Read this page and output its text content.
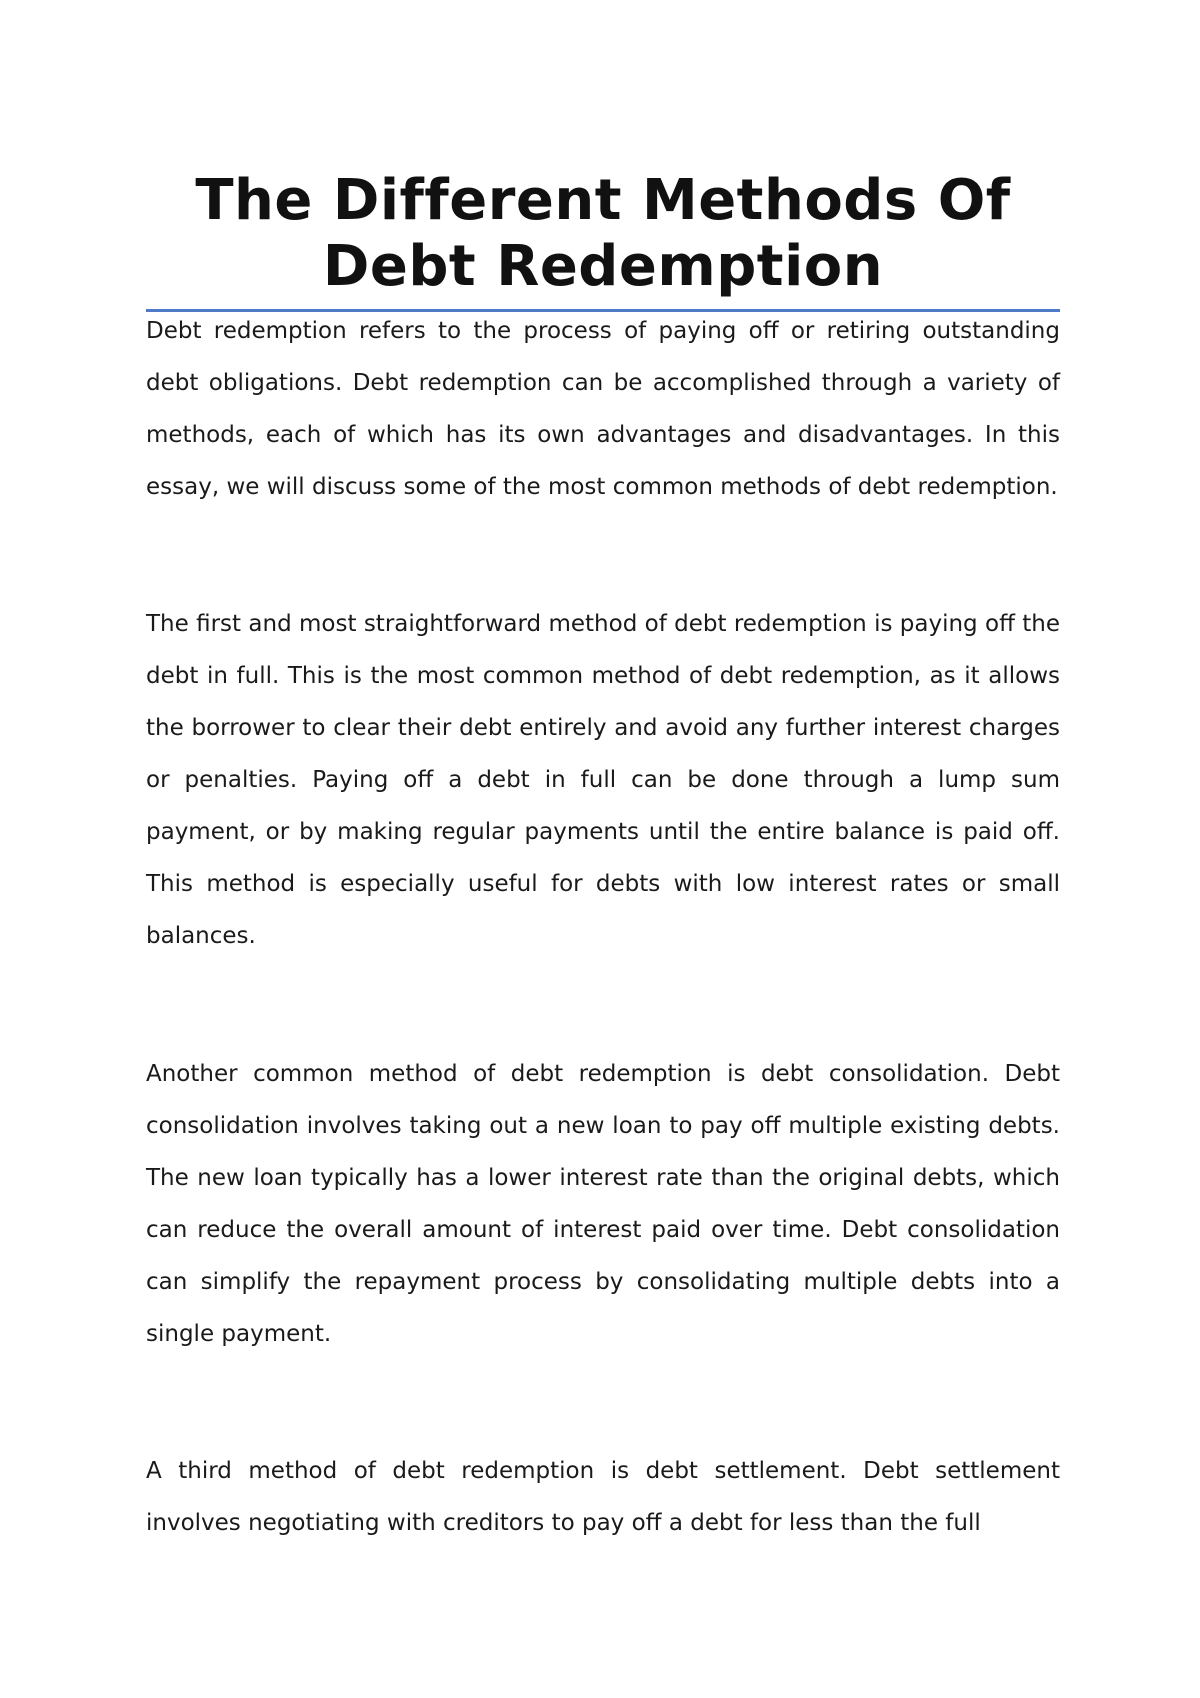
The Different Methods Of
Debt Redemption

Debt redemption refers to the process of paying off or retiring outstanding debt obligations. Debt redemption can be accomplished through a variety of methods, each of which has its own advantages and disadvantages. In this essay, we will discuss some of the most common methods of debt redemption.

The first and most straightforward method of debt redemption is paying off the debt in full. This is the most common method of debt redemption, as it allows the borrower to clear their debt entirely and avoid any further interest charges or penalties. Paying off a debt in full can be done through a lump sum payment, or by making regular payments until the entire balance is paid off. This method is especially useful for debts with low interest rates or small balances.

Another common method of debt redemption is debt consolidation. Debt consolidation involves taking out a new loan to pay off multiple existing debts. The new loan typically has a lower interest rate than the original debts, which can reduce the overall amount of interest paid over time. Debt consolidation can simplify the repayment process by consolidating multiple debts into a single payment.

A third method of debt redemption is debt settlement. Debt settlement involves negotiating with creditors to pay off a debt for less than the full
